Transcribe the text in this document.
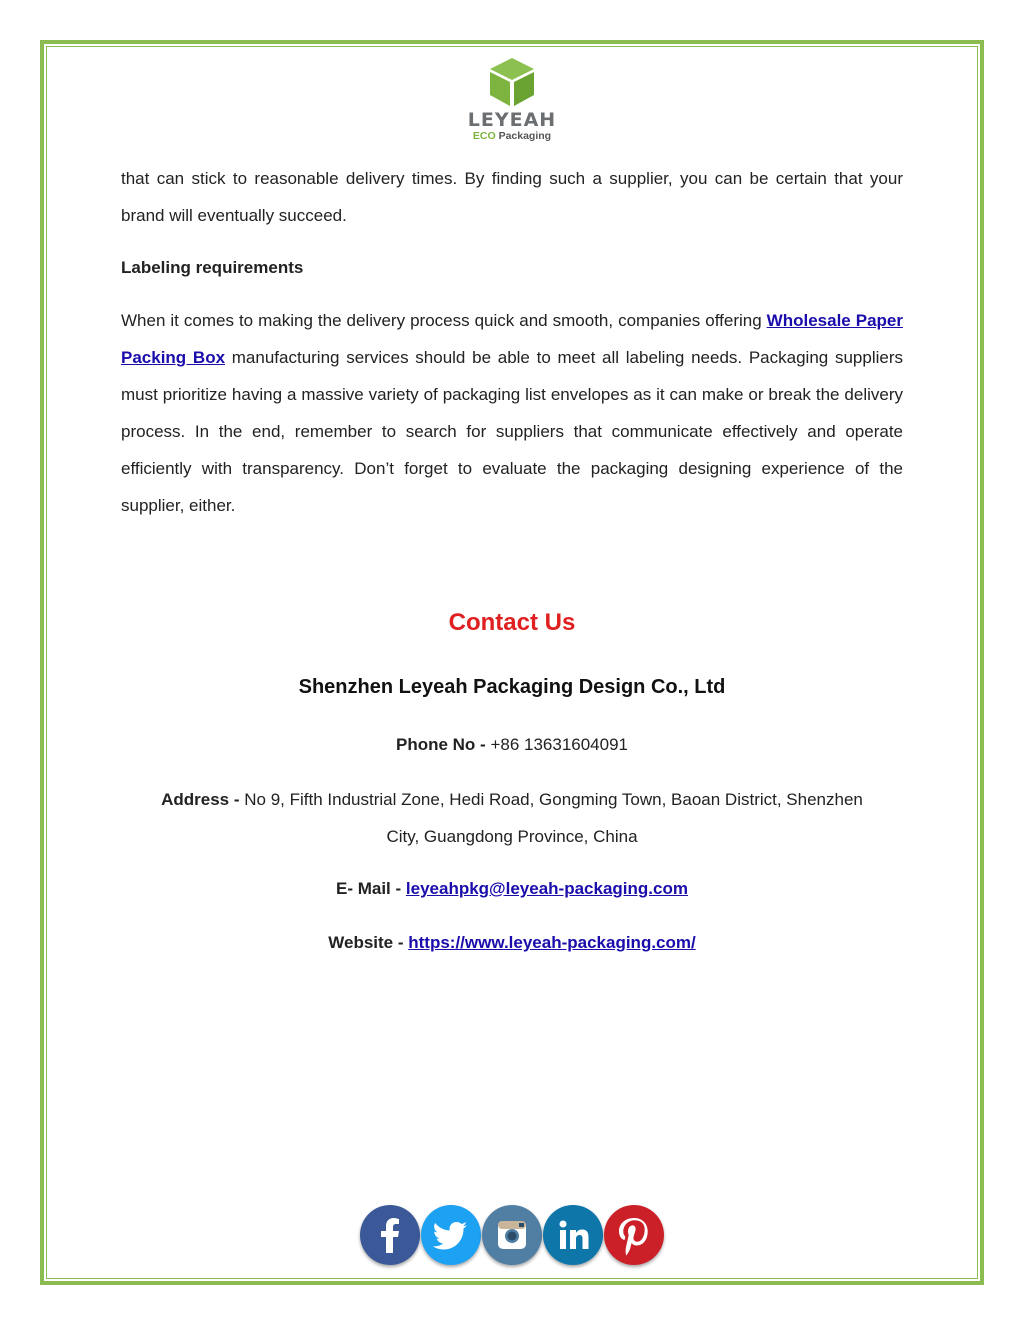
LEYEAH
ECO Packaging

that can stick to reasonable delivery times. By finding such a supplier, you can be certain that your brand will eventually succeed.

Labeling requirements

When it comes to making the delivery process quick and smooth, companies offering Wholesale Paper Packing Box manufacturing services should be able to meet all labeling needs. Packaging suppliers must prioritize having a massive variety of packaging list envelopes as it can make or break the delivery process. In the end, remember to search for suppliers that communicate effectively and operate efficiently with transparency. Don’t forget to evaluate the packaging designing experience of the supplier, either.

Contact Us
Shenzhen Leyeah Packaging Design Co., Ltd
Phone No - +86 13631604091
Address - No 9, Fifth Industrial Zone, Hedi Road, Gongming Town, Baoan District, Shenzhen
City, Guangdong Province, China
E- Mail - leyeahpkg@leyeah-packaging.com
Website - https://www.leyeah-packaging.com/
